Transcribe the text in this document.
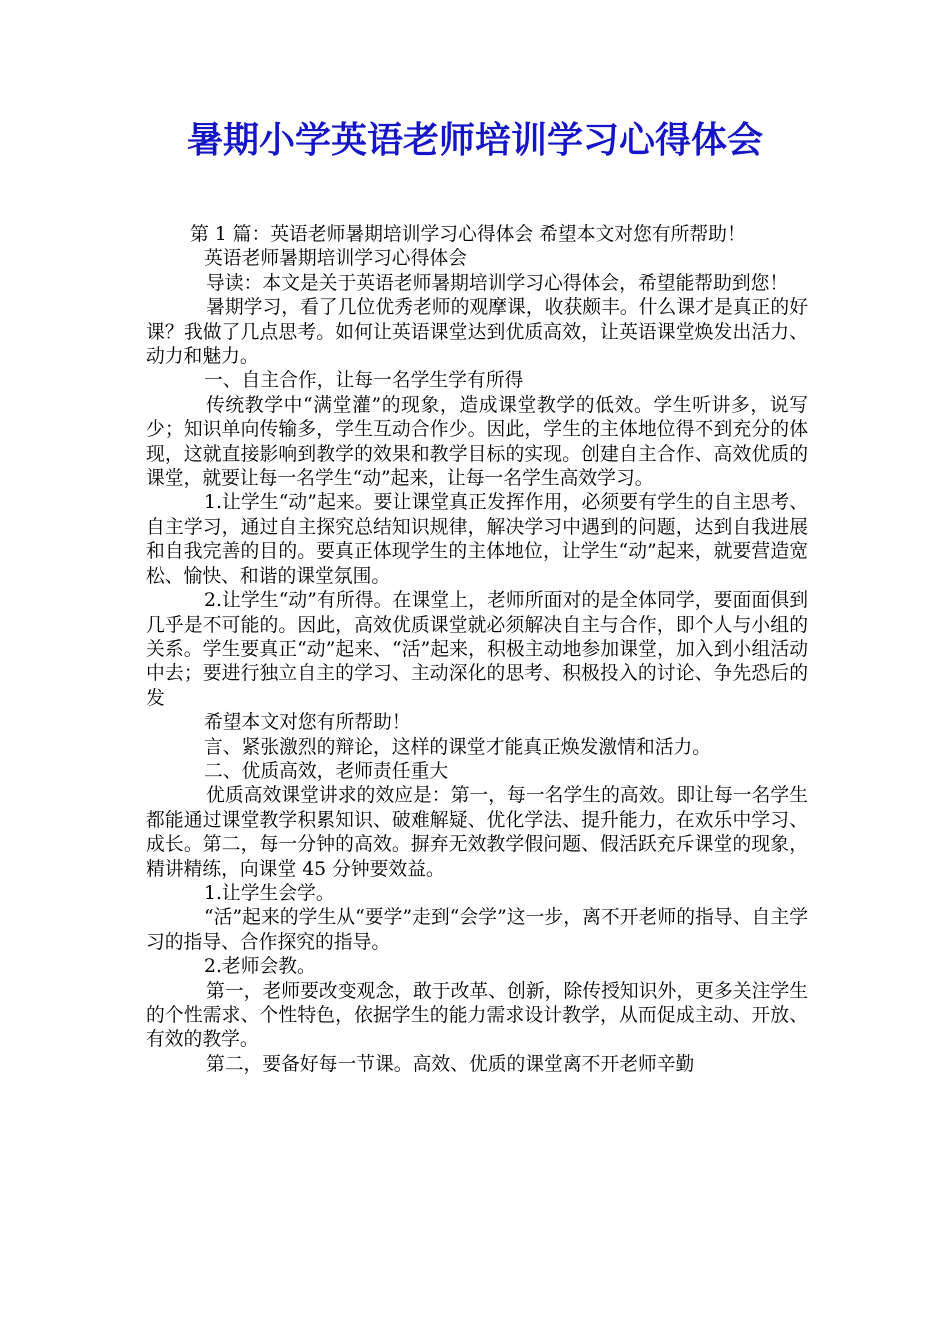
暑期小学英语老师培训学习心得体会

第 1 篇：英语老师暑期培训学习心得体会 希望本文对您有所帮助！

英语老师暑期培训学习心得体会

导读：本文是关于英语老师暑期培训学习心得体会，希望能帮助到您！

暑期学习，看了几位优秀老师的观摩课，收获颇丰。什么课才是真正的好课？我做了几点思考。如何让英语课堂达到优质高效，让英语课堂焕发出活力、动力和魅力。

一、自主合作，让每一名学生学有所得

传统教学中“满堂灌”的现象，造成课堂教学的低效。学生听讲多，说写少；知识单向传输多，学生互动合作少。因此，学生的主体地位得不到充分的体现，这就直接影响到教学的效果和教学目标的实现。创建自主合作、高效优质的课堂，就要让每一名学生“动”起来，让每一名学生高效学习。

1.让学生“动”起来。要让课堂真正发挥作用，必须要有学生的自主思考、自主学习，通过自主探究总结知识规律，解决学习中遇到的问题，达到自我进展和自我完善的目的。要真正体现学生的主体地位，让学生“动”起来，就要营造宽松、愉快、和谐的课堂氛围。

2.让学生“动”有所得。在课堂上，老师所面对的是全体同学，要面面俱到几乎是不可能的。因此，高效优质课堂就必须解决自主与合作，即个人与小组的关系。学生要真正“动”起来、“活”起来，积极主动地参加课堂，加入到小组活动中去；要进行独立自主的学习、主动深化的思考、积极投入的讨论、争先恐后的发

希望本文对您有所帮助！

言、紧张激烈的辩论，这样的课堂才能真正焕发激情和活力。

二、优质高效，老师责任重大

优质高效课堂讲求的效应是：第一，每一名学生的高效。即让每一名学生都能通过课堂教学积累知识、破难解疑、优化学法、提升能力，在欢乐中学习、成长。第二，每一分钟的高效。摒弃无效教学假问题、假活跃充斥课堂的现象，精讲精练，向课堂 45 分钟要效益。

1.让学生会学。

“活”起来的学生从“要学”走到“会学”这一步，离不开老师的指导、自主学习的指导、合作探究的指导。

2.老师会教。

第一，老师要改变观念，敢于改革、创新，除传授知识外，更多关注学生的个性需求、个性特色，依据学生的能力需求设计教学，从而促成主动、开放、有效的教学。

第二，要备好每一节课。高效、优质的课堂离不开老师辛勤
